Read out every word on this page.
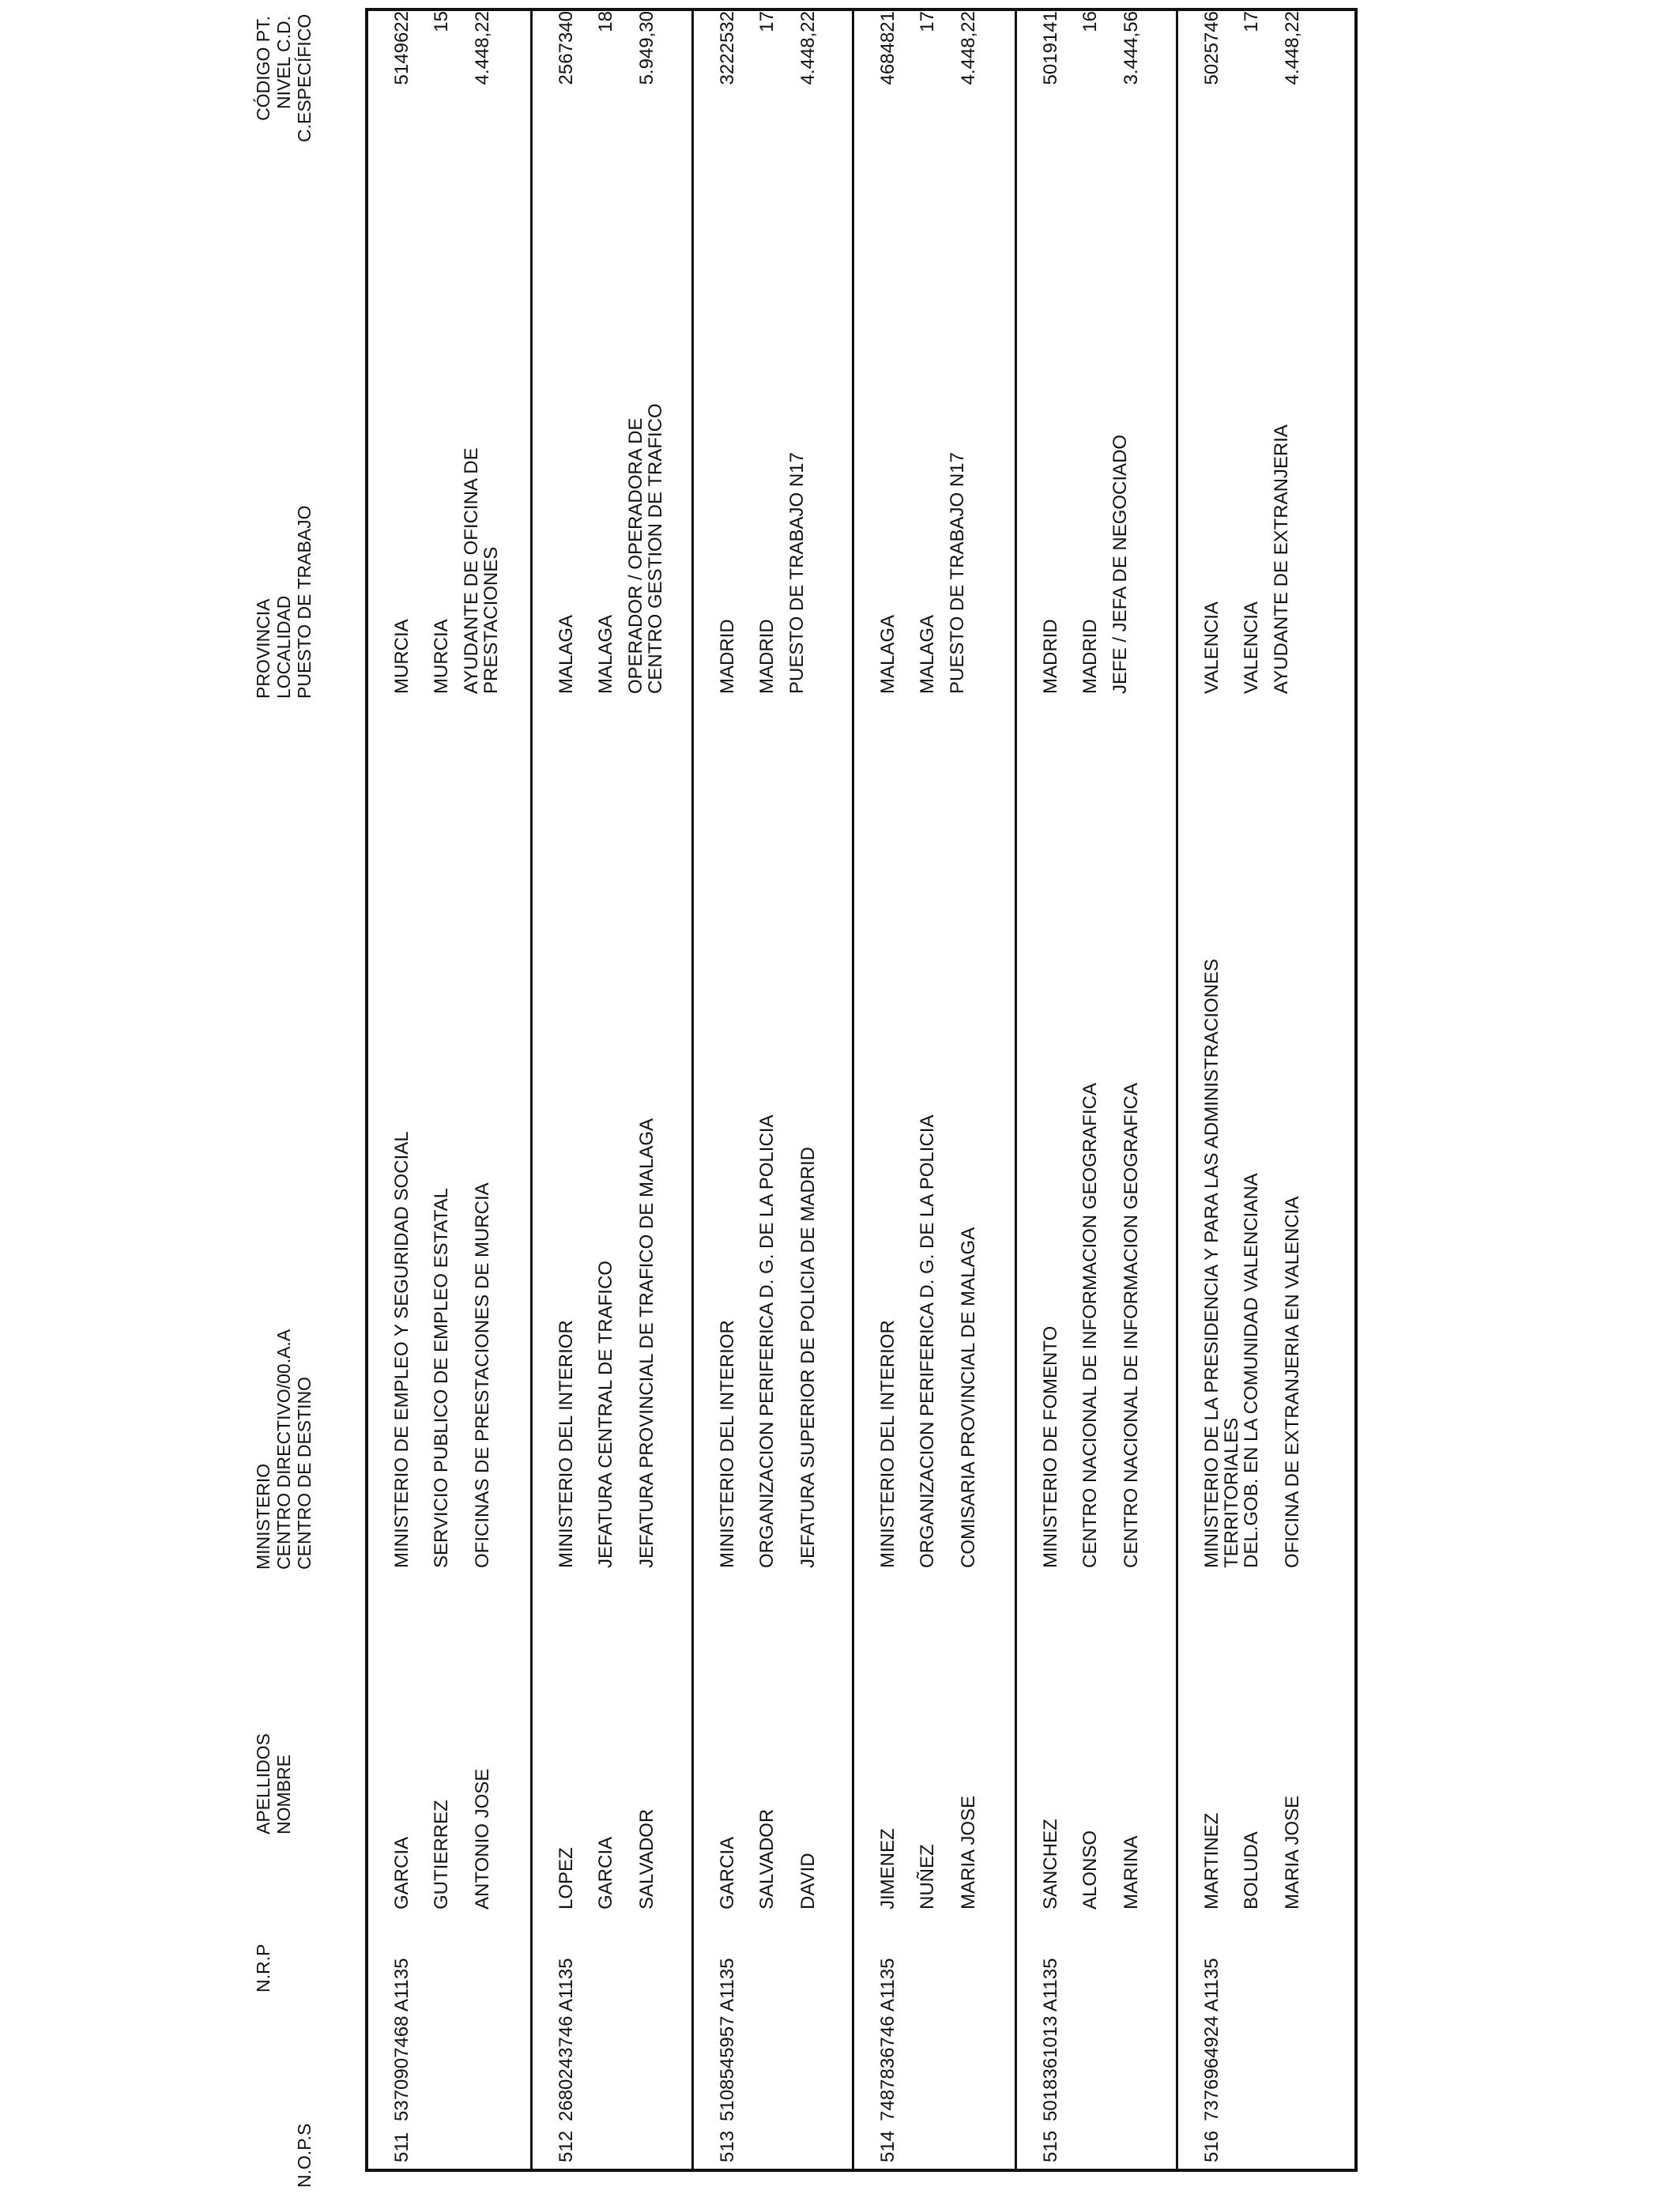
N.O.P.S
N.R.P
APELLIDOS NOMBRE
MINISTERIO CENTRO DIRECTIVO/00.A.A CENTRO DE DESTINO
PROVINCIA LOCALIDAD PUESTO DE TRABAJO
CÓDIGO PT. NIVEL C.D. C.ESPECÍFICO
511
5370907468 A1135
GARCIA GUTIERREZ ANTONIO JOSE
MINISTERIO DE EMPLEO Y SEGURIDAD SOCIAL SERVICIO PUBLICO DE EMPLEO ESTATAL OFICINAS DE PRESTACIONES DE MURCIA
MURCIA MURCIA AYUDANTE DE OFICINA DE
PRESTACIONES
5149622 15 4.448,22
512
2680243746 A1135
LOPEZ GARCIA SALVADOR
MINISTERIO DEL INTERIOR JEFATURA CENTRAL DE TRAFICO JEFATURA PROVINCIAL DE TRAFICO DE MALAGA
MALAGA MALAGA OPERADOR / OPERADORA DE
CENTRO GESTION DE TRAFICO
2567340 18 5.949,30
513
5108545957 A1135
GARCIA SALVADOR DAVID
MINISTERIO DEL INTERIOR ORGANIZACION PERIFERICA D. G. DE LA POLICIA JEFATURA SUPERIOR DE POLICIA DE MADRID
MADRID MADRID PUESTO DE TRABAJO N17
3222532 17 4.448,22
514
7487836746 A1135
JIMENEZ NUÑEZ MARIA JOSE
MINISTERIO DEL INTERIOR ORGANIZACION PERIFERICA D. G. DE LA POLICIA COMISARIA PROVINCIAL DE MALAGA
MALAGA MALAGA PUESTO DE TRABAJO N17
4684821 17 4.448,22
515
5018361013 A1135
SANCHEZ ALONSO MARINA
MINISTERIO DE FOMENTO CENTRO NACIONAL DE INFORMACION GEOGRAFICA CENTRO NACIONAL DE INFORMACION GEOGRAFICA
MADRID MADRID JEFE / JEFA DE NEGOCIADO
5019141 16 3.444,56
516
7376964924 A1135
MARTINEZ BOLUDA MARIA JOSE
MINISTERIO DE LA PRESIDENCIA Y PARA LAS ADMINISTRACIONES
TERRITORIALES
DEL.GOB. EN LA COMUNIDAD VALENCIANA OFICINA DE EXTRANJERIA EN VALENCIA
VALENCIA VALENCIA AYUDANTE DE EXTRANJERIA
5025746 17 4.448,22
